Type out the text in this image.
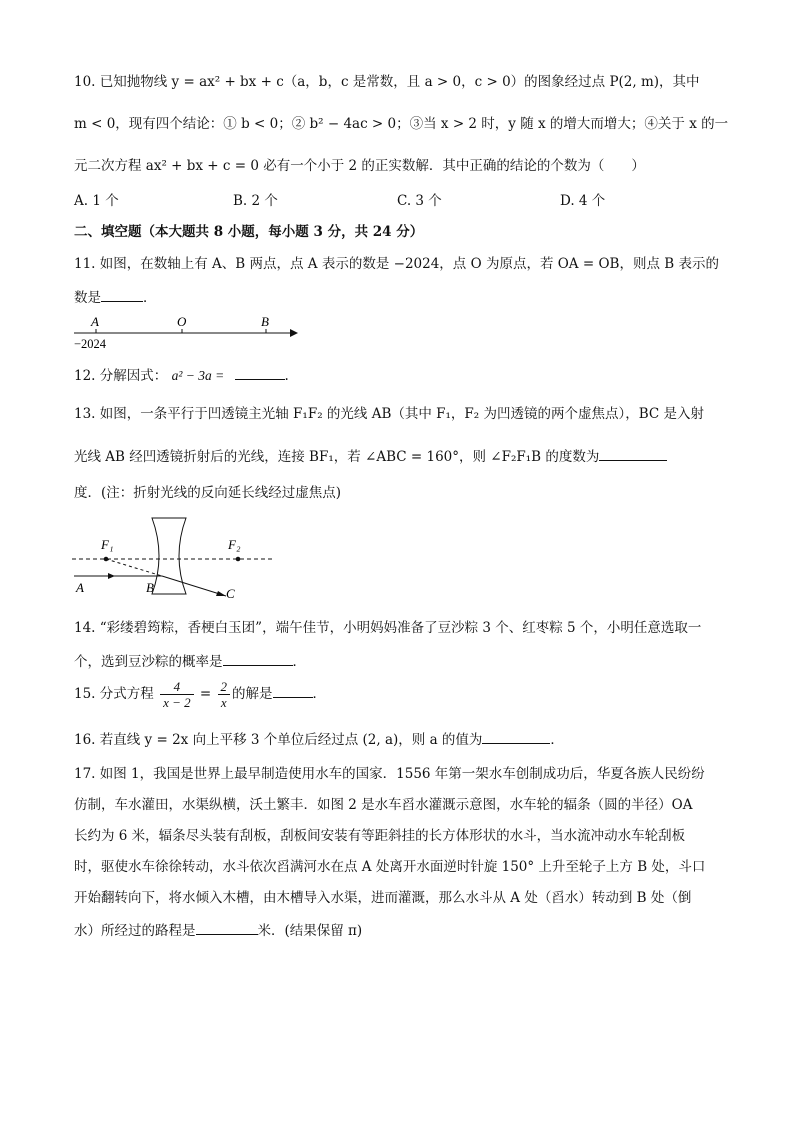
10. 已知抛物线 y = ax² + bx + c（a，b，c 是常数，且 a > 0，c > 0）的图象经过点 P(2, m)，其中
m < 0，现有四个结论：① b < 0；② b² − 4ac > 0；③当 x > 2 时，y 随 x 的增大而增大；④关于 x 的一
元二次方程 ax² + bx + c = 0 必有一个小于 2 的正实数解．其中正确的结论的个数为（　　）
A. 1 个	B. 2 个	C. 3 个	D. 4 个
二、填空题（本大题共 8 小题，每小题 3 分，共 24 分）
11. 如图，在数轴上有 A、B 两点，点 A 表示的数是 −2024，点 O 为原点，若 OA = OB，则点 B 表示的
数是	．
A	O	B
−2024
12. 分解因式： a² − 3a =	.
13. 如图，一条平行于凹透镜主光轴 F₁F₂ 的光线 AB（其中 F₁，F₂ 为凹透镜的两个虚焦点），BC 是入射
光线 AB 经凹透镜折射后的光线，连接 BF₁，若 ∠ABC = 160°，则 ∠F₂F₁B 的度数为
度．(注：折射光线的反向延长线经过虚焦点)
F₁	F₂
A	B	C
14. “彩缕碧筠粽，香梗白玉团”，端午佳节，小明妈妈准备了豆沙粽 3 个、红枣粽 5 个，小明任意选取一
个，选到豆沙粽的概率是	．
15. 分式方程 $\frac{4}{x - 2} = \frac{2}{x}$ 的解是	．
16. 若直线 y = 2x 向上平移 3 个单位后经过点 (2, a)，则 a 的值为	．
17. 如图 1，我国是世界上最早制造使用水车的国家．1556 年第一架水车创制成功后，华夏各族人民纷纷
仿制，车水灌田，水渠纵横，沃土繁丰．如图 2 是水车舀水灌溉示意图，水车轮的辐条（圆的半径）OA
长约为 6 米，辐条尽头装有刮板，刮板间安装有等距斜挂的长方体形状的水斗，当水流冲动水车轮刮板
时，驱使水车徐徐转动，水斗依次舀满河水在点 A 处离开水面逆时针旋 150° 上升至轮子上方 B 处，斗口
开始翻转向下，将水倾入木槽，由木槽导入水渠，进而灌溉，那么水斗从 A 处（舀水）转动到 B 处（倒
水）所经过的路程是	米．(结果保留 π)
